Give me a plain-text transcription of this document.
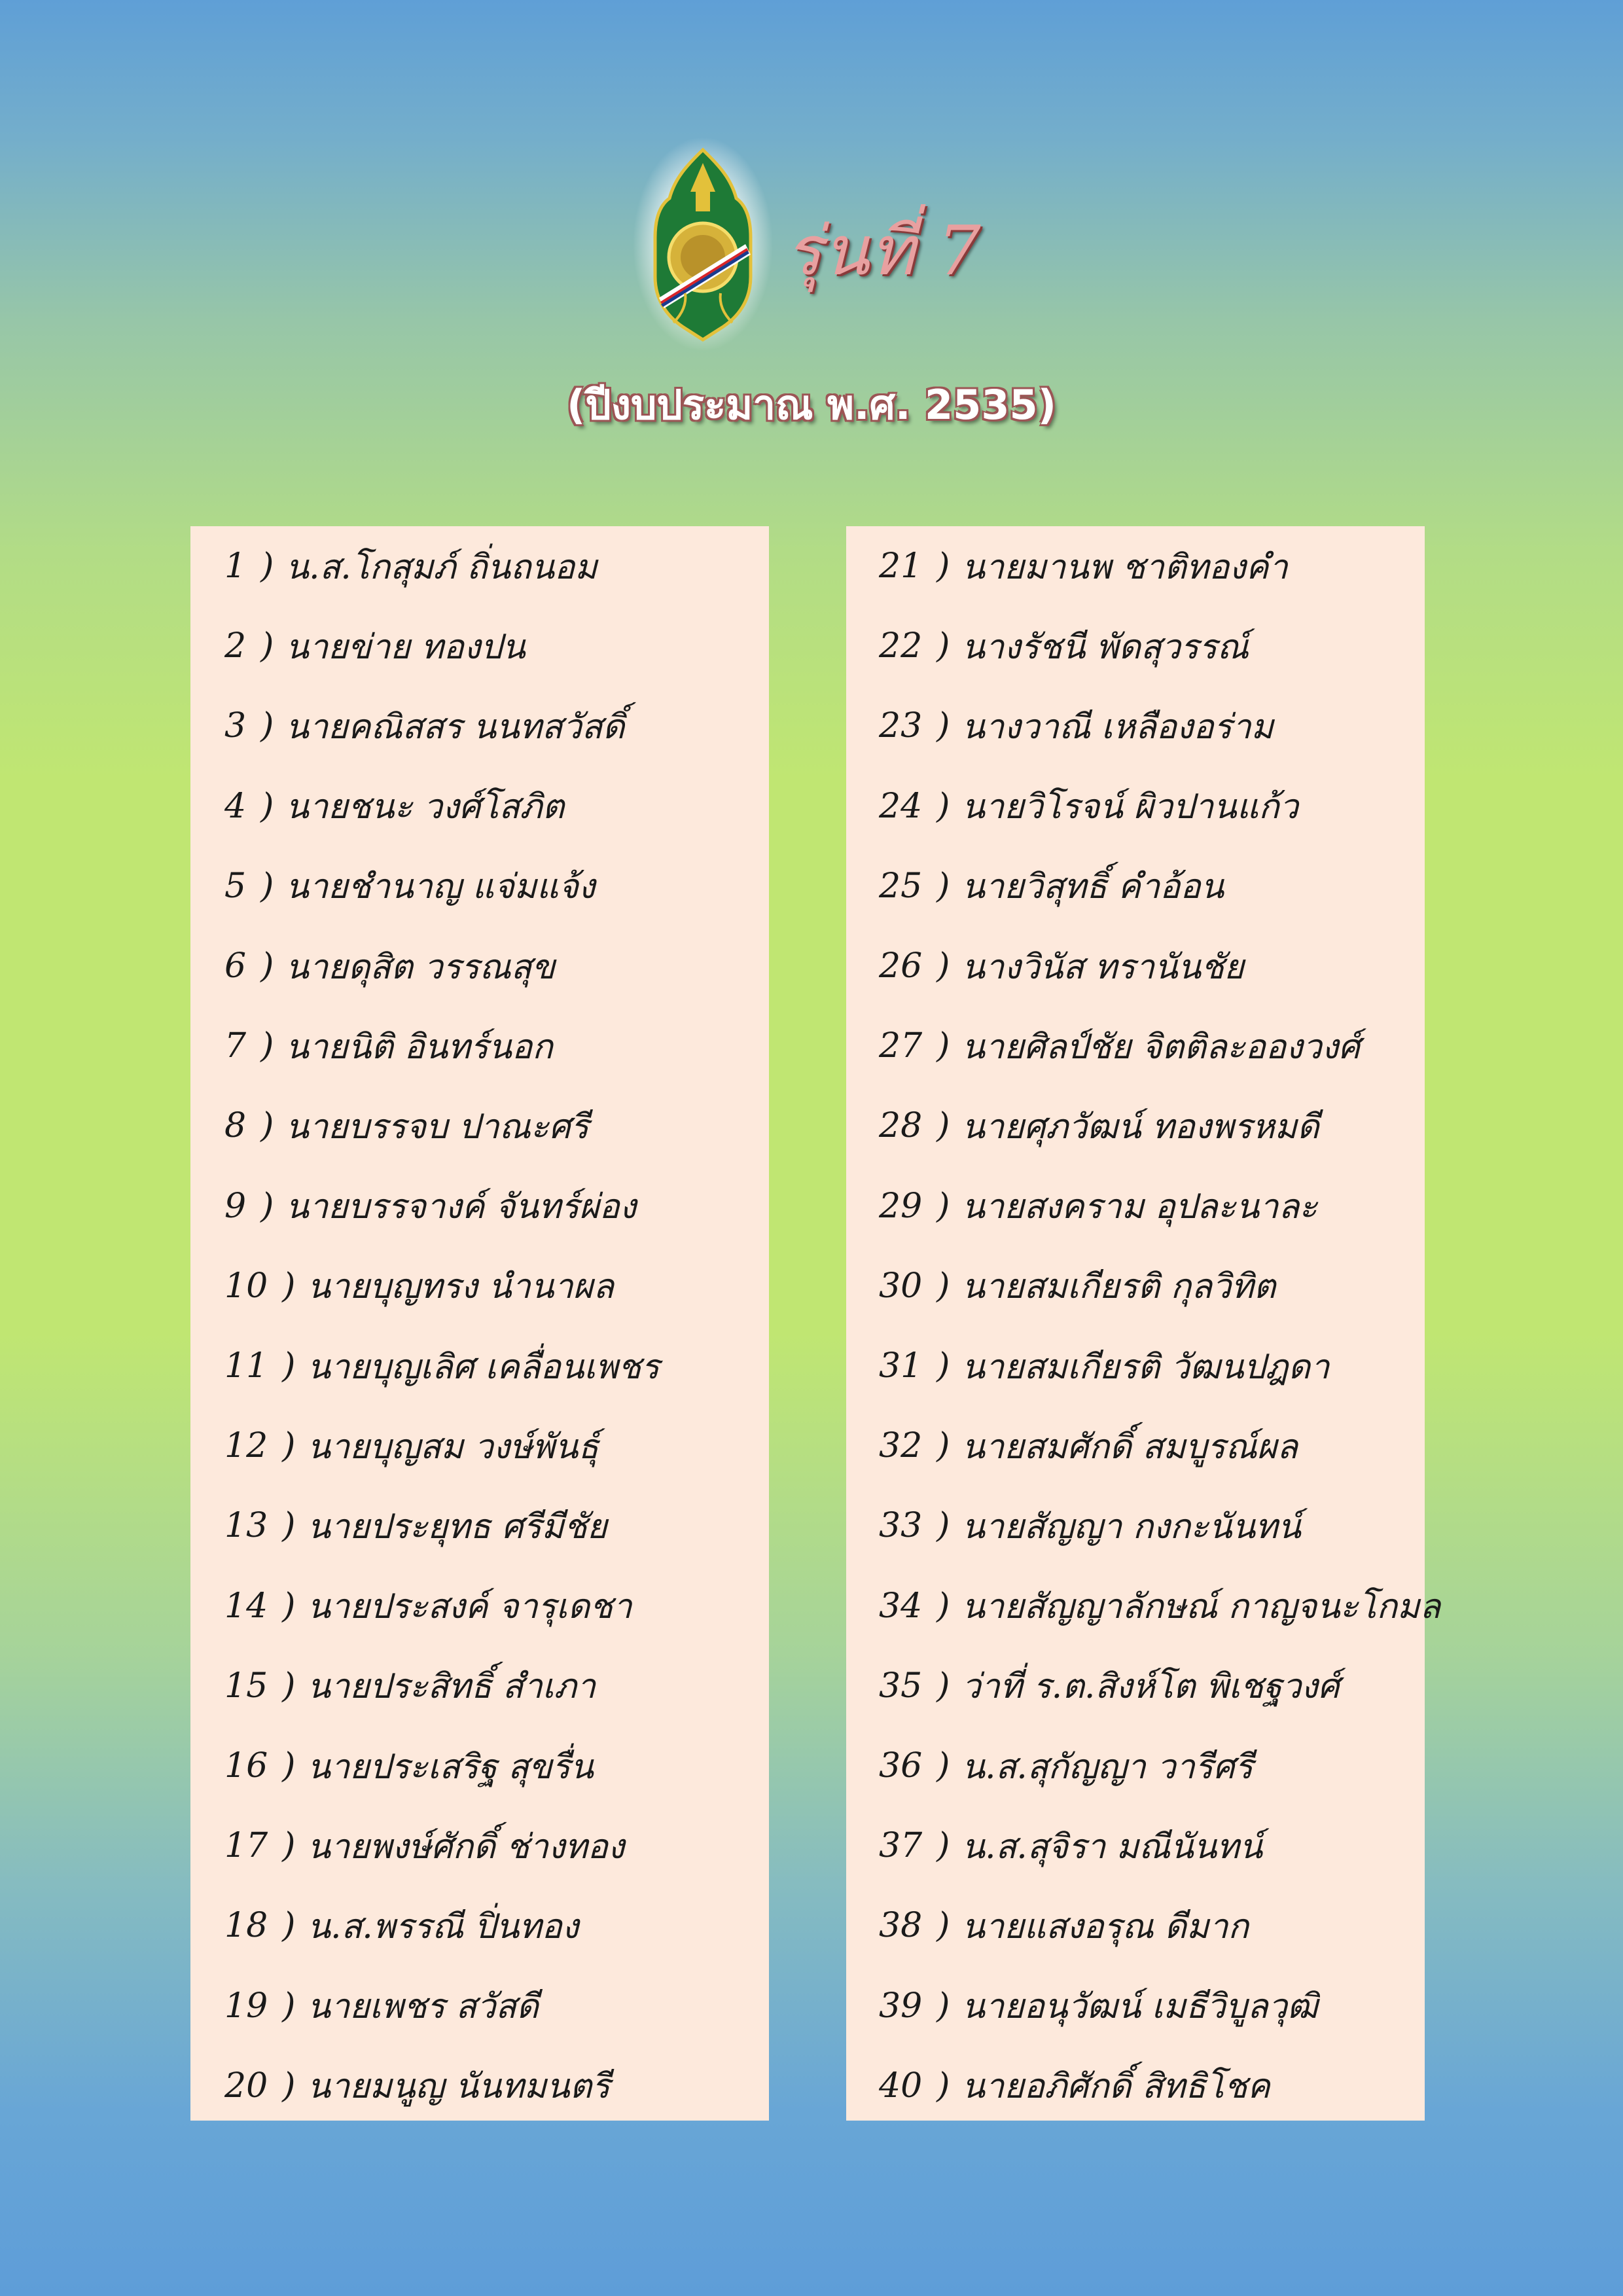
รุ่นที่ 7
(ปีงบประมาณ พ.ศ. 2535)
1 ) น.ส.โกสุมภ์ ถิ่นถนอม
2 ) นายข่าย ทองปน
3 ) นายคณิสสร นนทสวัสดิ์
4 ) นายชนะ วงศ์โสภิต
5 ) นายชำนาญ แจ่มแจ้ง
6 ) นายดุสิต วรรณสุข
7 ) นายนิติ อินทร์นอก
8 ) นายบรรจบ ปาณะศรี
9 ) นายบรรจางค์ จันทร์ผ่อง
10 ) นายบุญทรง นำนาผล
11 ) นายบุญเลิศ เคลื่อนเพชร
12 ) นายบุญสม วงษ์พันธุ์
13 ) นายประยุทธ ศรีมีชัย
14 ) นายประสงค์ จารุเดชา
15 ) นายประสิทธิ์ สำเภา
16 ) นายประเสริฐ สุขรื่น
17 ) นายพงษ์ศักดิ์ ช่างทอง
18 ) น.ส.พรรณี ปิ่นทอง
19 ) นายเพชร สวัสดี
20 ) นายมนูญ นันทมนตรี
21 ) นายมานพ ชาติทองคำ
22 ) นางรัชนี พัดสุวรรณ์
23 ) นางวาณี เหลืองอร่าม
24 ) นายวิโรจน์ ผิวปานแก้ว
25 ) นายวิสุทธิ์ คำอ้อน
26 ) นางวินัส ทรานันชัย
27 ) นายศิลป์ชัย จิตติละอองวงศ์
28 ) นายศุภวัฒน์ ทองพรหมดี
29 ) นายสงคราม อุปละนาละ
30 ) นายสมเกียรติ กุลวิทิต
31 ) นายสมเกียรติ วัฒนปฎดา
32 ) นายสมศักดิ์ สมบูรณ์ผล
33 ) นายสัญญา กงกะนันทน์
34 ) นายสัญญาลักษณ์ กาญจนะโกมล
35 ) ว่าที่ ร.ต.สิงห์โต พิเชฐวงศ์
36 ) น.ส.สุกัญญา วารีศรี
37 ) น.ส.สุจิรา มณีนันทน์
38 ) นายแสงอรุณ ดีมาก
39 ) นายอนุวัฒน์ เมธีวิบูลวุฒิ
40 ) นายอภิศักดิ์ สิทธิโชค
